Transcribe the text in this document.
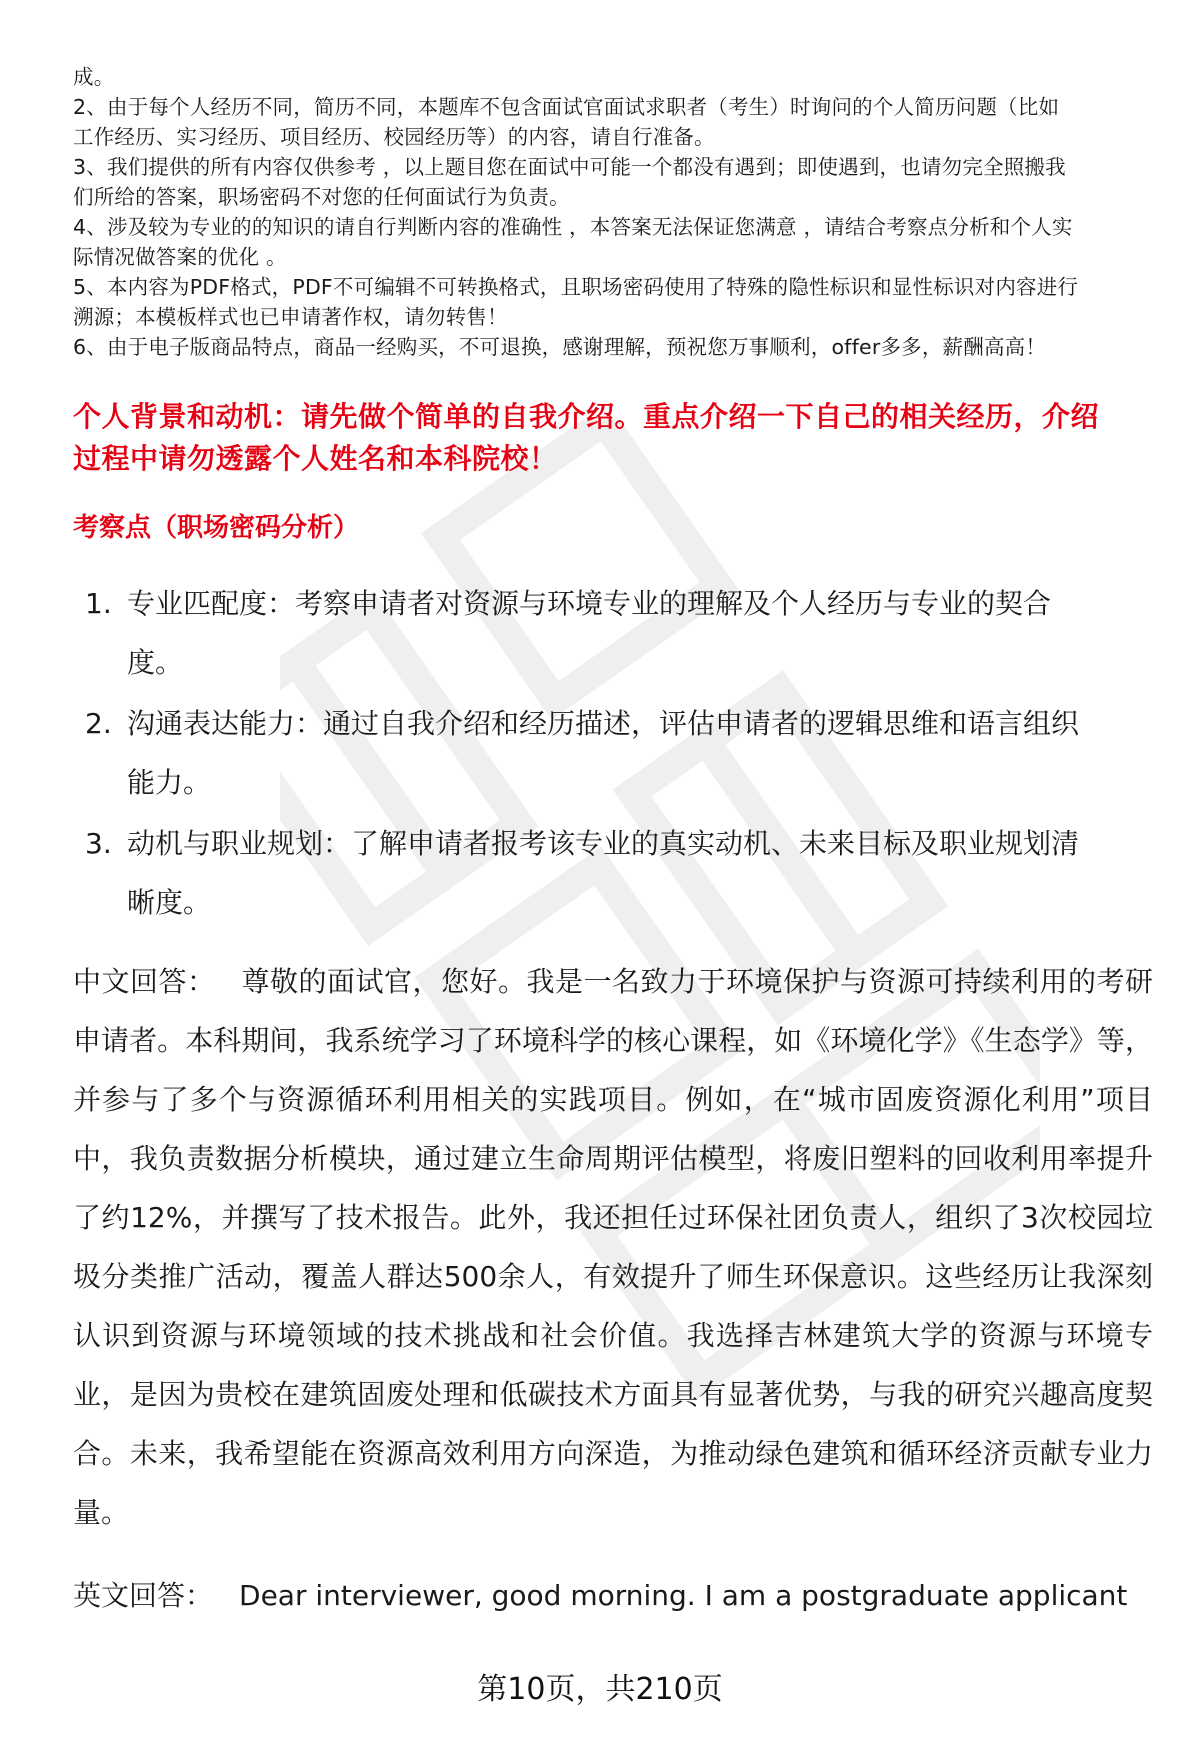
成。

2、由于每个人经历不同，简历不同，本题库不包含面试官面试求职者（考生）时询问的个人简历问题（比如

工作经历、实习经历、项目经历、校园经历等）的内容，请自行准备。

3、我们提供的所有内容仅供参考 ，以上题目您在面试中可能一个都没有遇到；即使遇到，也请勿完全照搬我

们所给的答案，职场密码不对您的任何面试行为负责。

4、涉及较为专业的的知识的请自行判断内容的准确性 ，本答案无法保证您满意 ，请结合考察点分析和个人实

际情况做答案的优化 。

5、本内容为PDF格式，PDF不可编辑不可转换格式，且职场密码使用了特殊的隐性标识和显性标识对内容进行

溯源；本模板样式也已申请著作权，请勿转售！

6、由于电子版商品特点，商品一经购买，不可退换，感谢理解，预祝您万事顺利，offer多多，薪酬高高！

个人背景和动机：请先做个简单的自我介绍。重点介绍一下自己的相关经历，介绍
过程中请勿透露个人姓名和本科院校！
考察点（职场密码分析）
1. 专业匹配度：考察申请者对资源与环境专业的理解及个人经历与专业的契合
度。
2. 沟通表达能力：通过自我介绍和经历描述，评估申请者的逻辑思维和语言组织
能力。
3. 动机与职业规划：了解申请者报考该专业的真实动机、未来目标及职业规划清
晰度。

中文回答： 尊敬的面试官，您好。我是一名致力于环境保护与资源可持续利用的考研申请者。本科期间，我系统学习了环境科学的核心课程，如《环境化学》《生态学》等，并参与了多个与资源循环利用相关的实践项目。例如，在“城市固废资源化利用”项目中，我负责数据分析模块，通过建立生命周期评估模型，将废旧塑料的回收利用率提升了约12%，并撰写了技术报告。此外，我还担任过环保社团负责人，组织了3次校园垃圾分类推广活动，覆盖人群达500余人，有效提升了师生环保意识。这些经历让我深刻认识到资源与环境领域的技术挑战和社会价值。我选择吉林建筑大学的资源与环境专业，是因为贵校在建筑固废处理和低碳技术方面具有显著优势，与我的研究兴趣高度契合。未来，我希望能在资源高效利用方向深造，为推动绿色建筑和循环经济贡献专业力量。

英文回答： Dear interviewer, good morning. I am a postgraduate applicant

第10页，共210页
